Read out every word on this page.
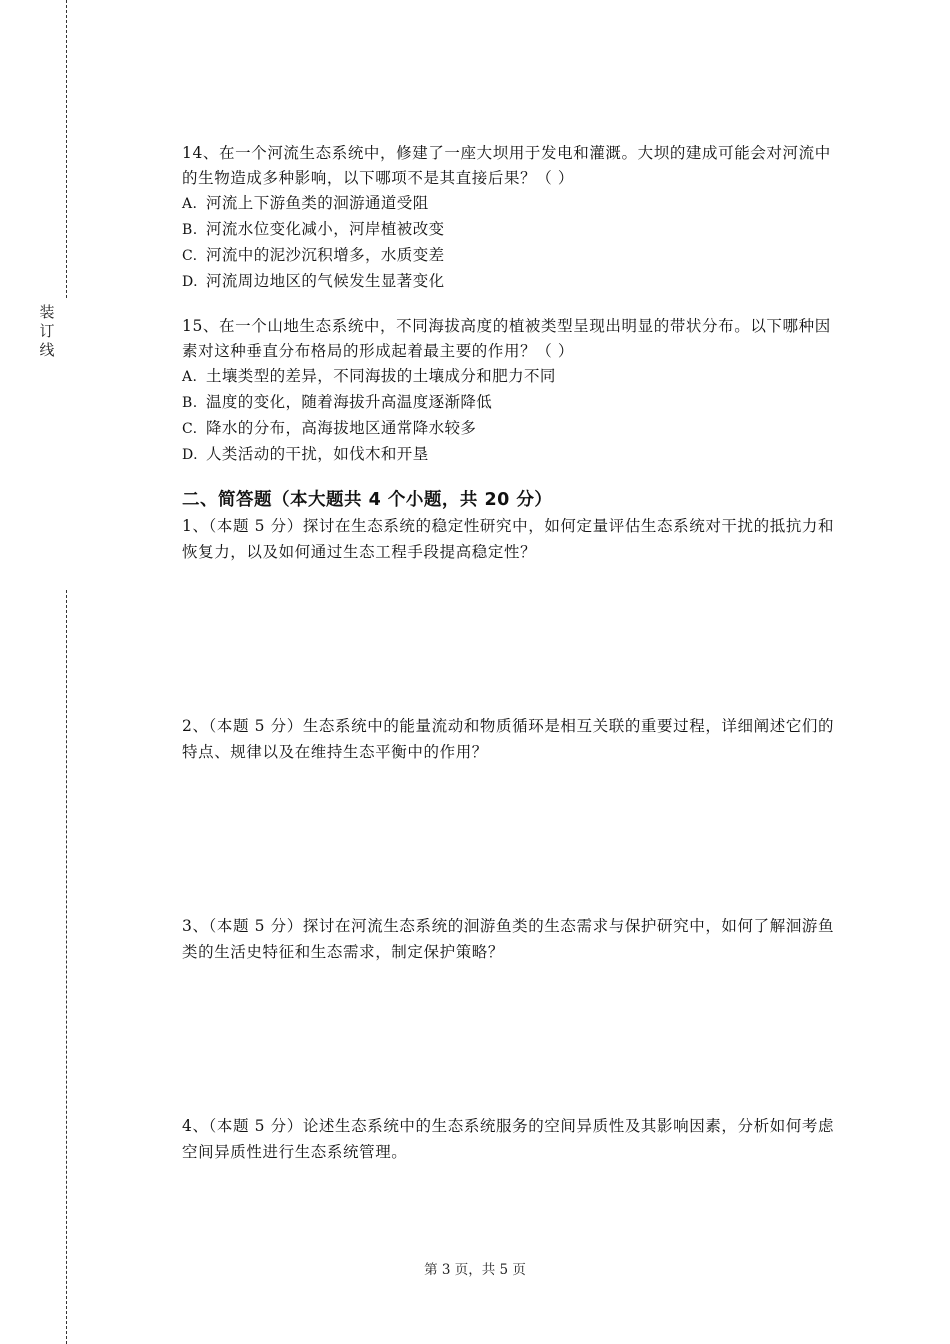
装
订
线

14、在一个河流生态系统中，修建了一座大坝用于发电和灌溉。大坝的建成可能会对河流中的生物造成多种影响，以下哪项不是其直接后果？（ ）

A. 河流上下游鱼类的洄游通道受阻

B. 河流水位变化减小，河岸植被改变

C. 河流中的泥沙沉积增多，水质变差

D. 河流周边地区的气候发生显著变化

15、在一个山地生态系统中，不同海拔高度的植被类型呈现出明显的带状分布。以下哪种因素对这种垂直分布格局的形成起着最主要的作用？（ ）

A. 土壤类型的差异，不同海拔的土壤成分和肥力不同

B. 温度的变化，随着海拔升高温度逐渐降低

C. 降水的分布，高海拔地区通常降水较多

D. 人类活动的干扰，如伐木和开垦

二、简答题（本大题共 4 个小题，共 20 分）

1、（本题 5 分）探讨在生态系统的稳定性研究中，如何定量评估生态系统对干扰的抵抗力和恢复力，以及如何通过生态工程手段提高稳定性？

2、（本题 5 分）生态系统中的能量流动和物质循环是相互关联的重要过程，详细阐述它们的特点、规律以及在维持生态平衡中的作用？

3、（本题 5 分）探讨在河流生态系统的洄游鱼类的生态需求与保护研究中，如何了解洄游鱼类的生活史特征和生态需求，制定保护策略？

4、（本题 5 分）论述生态系统中的生态系统服务的空间异质性及其影响因素，分析如何考虑空间异质性进行生态系统管理。

第 3 页，共 5 页
